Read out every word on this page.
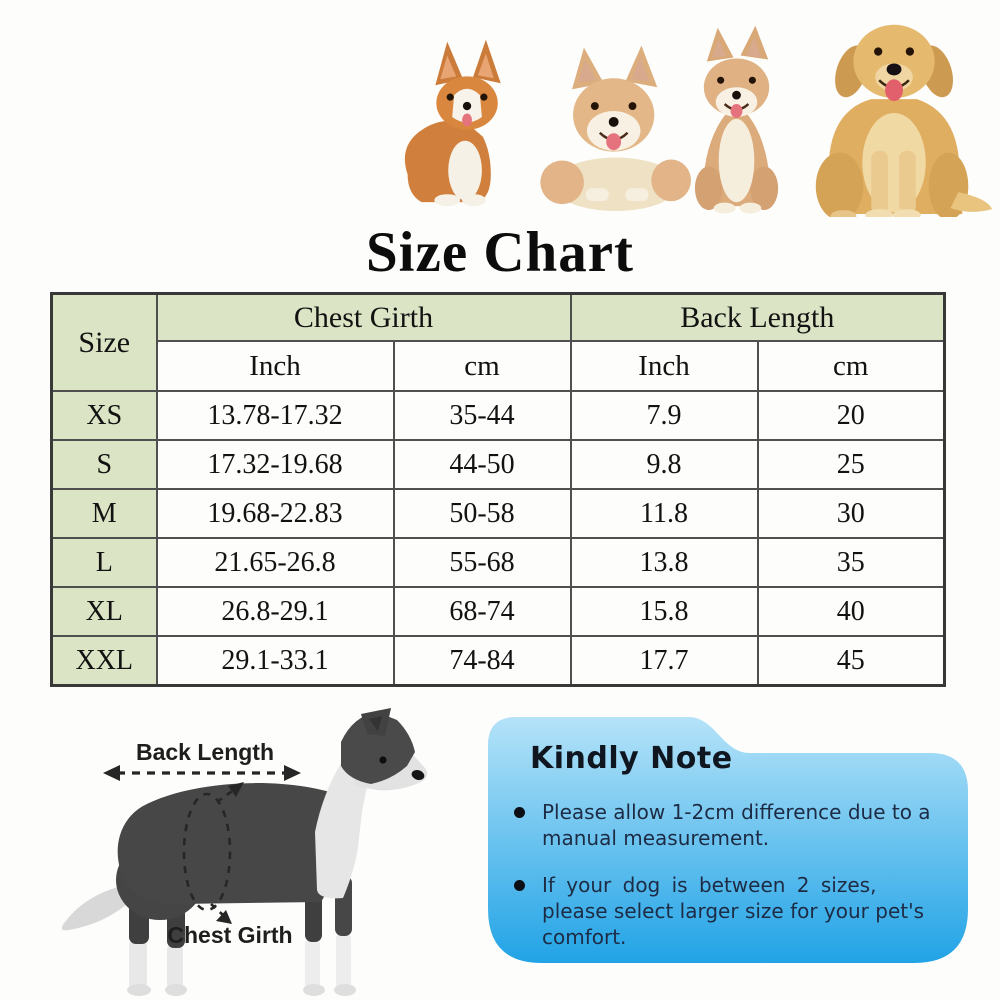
Size Chart
Size	Chest Girth		Back Length	
	Inch	cm	Inch	cm
XS	13.78-17.32	35-44	7.9	20
S	17.32-19.68	44-50	9.8	25
M	19.68-22.83	50-58	11.8	30
L	21.65-26.8	55-68	13.8	35
XL	26.8-29.1	68-74	15.8	40
XXL	29.1-33.1	74-84	17.7	45
Back Length
Chest Girth
Kindly Note
Please allow 1-2cm difference due to a
manual measurement.
If your dog is between 2 sizes,
please select larger size for your pet's
comfort.
